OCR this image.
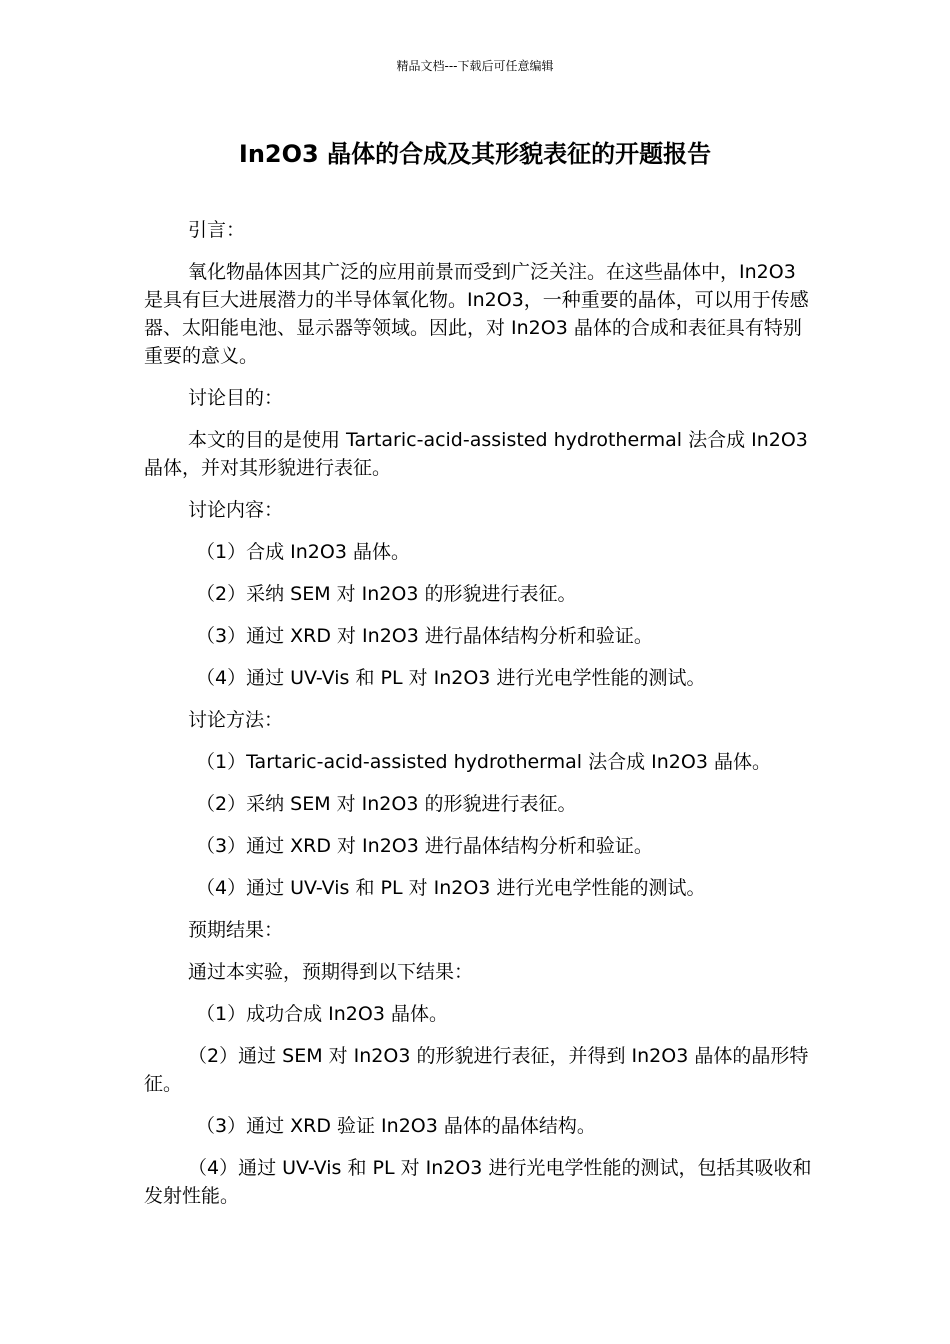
精品文档---下载后可任意编辑
In2O3 晶体的合成及其形貌表征的开题报告

引言：

氧化物晶体因其广泛的应用前景而受到广泛关注。在这些晶体中，In2O3 是具有巨大进展潜力的半导体氧化物。In2O3，一种重要的晶体，可以用于传感器、太阳能电池、显示器等领域。因此，对 In2O3 晶体的合成和表征具有特别重要的意义。

讨论目的：

本文的目的是使用 Tartaric-acid-assisted hydrothermal 法合成 In2O3 晶体，并对其形貌进行表征。

讨论内容：

（1）合成 In2O3 晶体。

（2）采纳 SEM 对 In2O3 的形貌进行表征。

（3）通过 XRD 对 In2O3 进行晶体结构分析和验证。

（4）通过 UV-Vis 和 PL 对 In2O3 进行光电学性能的测试。

讨论方法：

（1）Tartaric-acid-assisted hydrothermal 法合成 In2O3 晶体。

（2）采纳 SEM 对 In2O3 的形貌进行表征。

（3）通过 XRD 对 In2O3 进行晶体结构分析和验证。

（4）通过 UV-Vis 和 PL 对 In2O3 进行光电学性能的测试。

预期结果：

通过本实验，预期得到以下结果：

（1）成功合成 In2O3 晶体。

（2）通过 SEM 对 In2O3 的形貌进行表征，并得到 In2O3 晶体的晶形特征。

（3）通过 XRD 验证 In2O3 晶体的晶体结构。

（4）通过 UV-Vis 和 PL 对 In2O3 进行光电学性能的测试，包括其吸收和发射性能。
